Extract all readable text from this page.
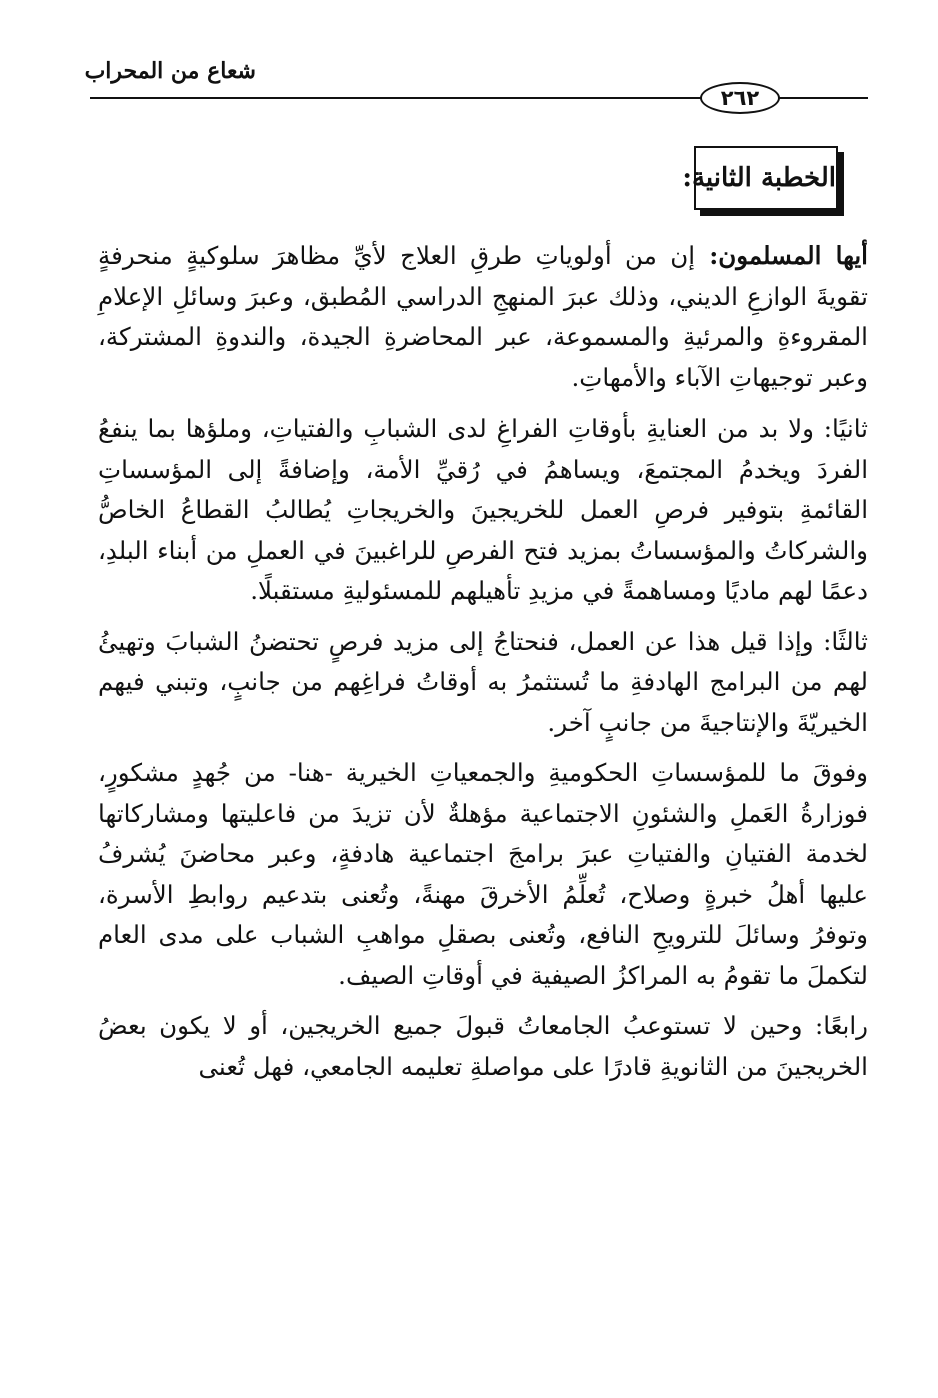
شعاع من المحراب
٢٦٢
الخطبة الثانية:

أيها المسلمون: إن من أولوياتِ طرقِ العلاج لأيِّ مظاهرَ سلوكيةٍ منحرفةٍ تقويةَ الوازعِ الديني، وذلك عبرَ المنهجِ الدراسي المُطبق، وعبرَ وسائلِ الإعلامِ المقروءةِ والمرئيةِ والمسموعة، عبر المحاضرةِ الجيدة، والندوةِ المشتركة، وعبر توجيهاتِ الآباء والأمهاتِ.

ثانيًا: ولا بد من العنايةِ بأوقاتِ الفراغِ لدى الشبابِ والفتياتِ، وملؤها بما ينفعُ الفردَ ويخدمُ المجتمعَ، ويساهمُ في رُقيِّ الأمة، وإضافةً إلى المؤسساتِ القائمةِ بتوفير فرصِ العمل للخريجينَ والخريجاتِ يُطالبُ القطاعُ الخاصُّ والشركاتُ والمؤسساتُ بمزيد فتح الفرصِ للراغبينَ في العملِ من أبناء البلدِ، دعمًا لهم ماديًا ومساهمةً في مزيدِ تأهيلهم للمسئوليةِ مستقبلًا.

ثالثًا: وإذا قيل هذا عن العمل، فنحتاجُ إلى مزيد فرصٍ تحتضنُ الشبابَ وتهيئُ لهم من البرامج الهادفةِ ما تُستثمرُ به أوقاتُ فراغِهم من جانبٍ، وتبني فيهم الخيريّةَ والإنتاجيةَ من جانبٍ آخر.

وفوقَ ما للمؤسساتِ الحكوميةِ والجمعياتِ الخيرية -هنا- من جُهدٍ مشكورٍ، فوزارةُ العَملِ والشئونِ الاجتماعية مؤهلةٌ لأن تزيدَ من فاعليتها ومشاركاتها لخدمة الفتيانِ والفتياتِ عبرَ برامجَ اجتماعية هادفةٍ، وعبر محاضنَ يُشرفُ عليها أهلُ خبرةٍ وصلاح، تُعلِّمُ الأخرقَ مهنةً، وتُعنى بتدعيم روابطِ الأسرة، وتوفرُ وسائلَ للترويحِ النافع، وتُعنى بصقلِ مواهبِ الشباب على مدى العام لتكملَ ما تقومُ به المراكزُ الصيفية في أوقاتِ الصيف.

رابعًا: وحين لا تستوعبُ الجامعاتُ قبولَ جميع الخريجين، أو لا يكون بعضُ الخريجينَ من الثانويةِ قادرًا على مواصلةِ تعليمه الجامعي، فهل تُعنى
